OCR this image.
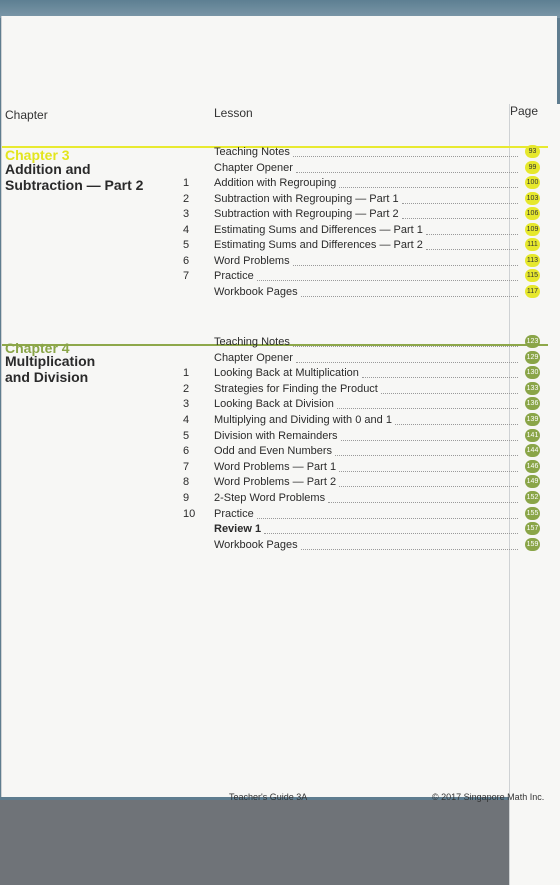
Chapter	Lesson	Page
Chapter 3
Addition and
Subtraction — Part 2
Teaching Notes	93
Chapter Opener	99
1	Addition with Regrouping	100
2	Subtraction with Regrouping — Part 1	103
3	Subtraction with Regrouping — Part 2	106
4	Estimating Sums and Differences — Part 1	109
5	Estimating Sums and Differences — Part 2	111
6	Word Problems	113
7	Practice	115
Workbook Pages	117
Chapter 4
Multiplication
and Division
Teaching Notes	123
Chapter Opener	129
1	Looking Back at Multiplication	130
2	Strategies for Finding the Product	133
3	Looking Back at Division	136
4	Multiplying and Dividing with 0 and 1	139
5	Division with Remainders	141
6	Odd and Even Numbers	144
7	Word Problems — Part 1	146
8	Word Problems — Part 2	149
9	2-Step Word Problems	152
10	Practice	155
Review 1	157
Workbook Pages	159
Teacher's Guide 3A	© 2017 Singapore Math Inc.
